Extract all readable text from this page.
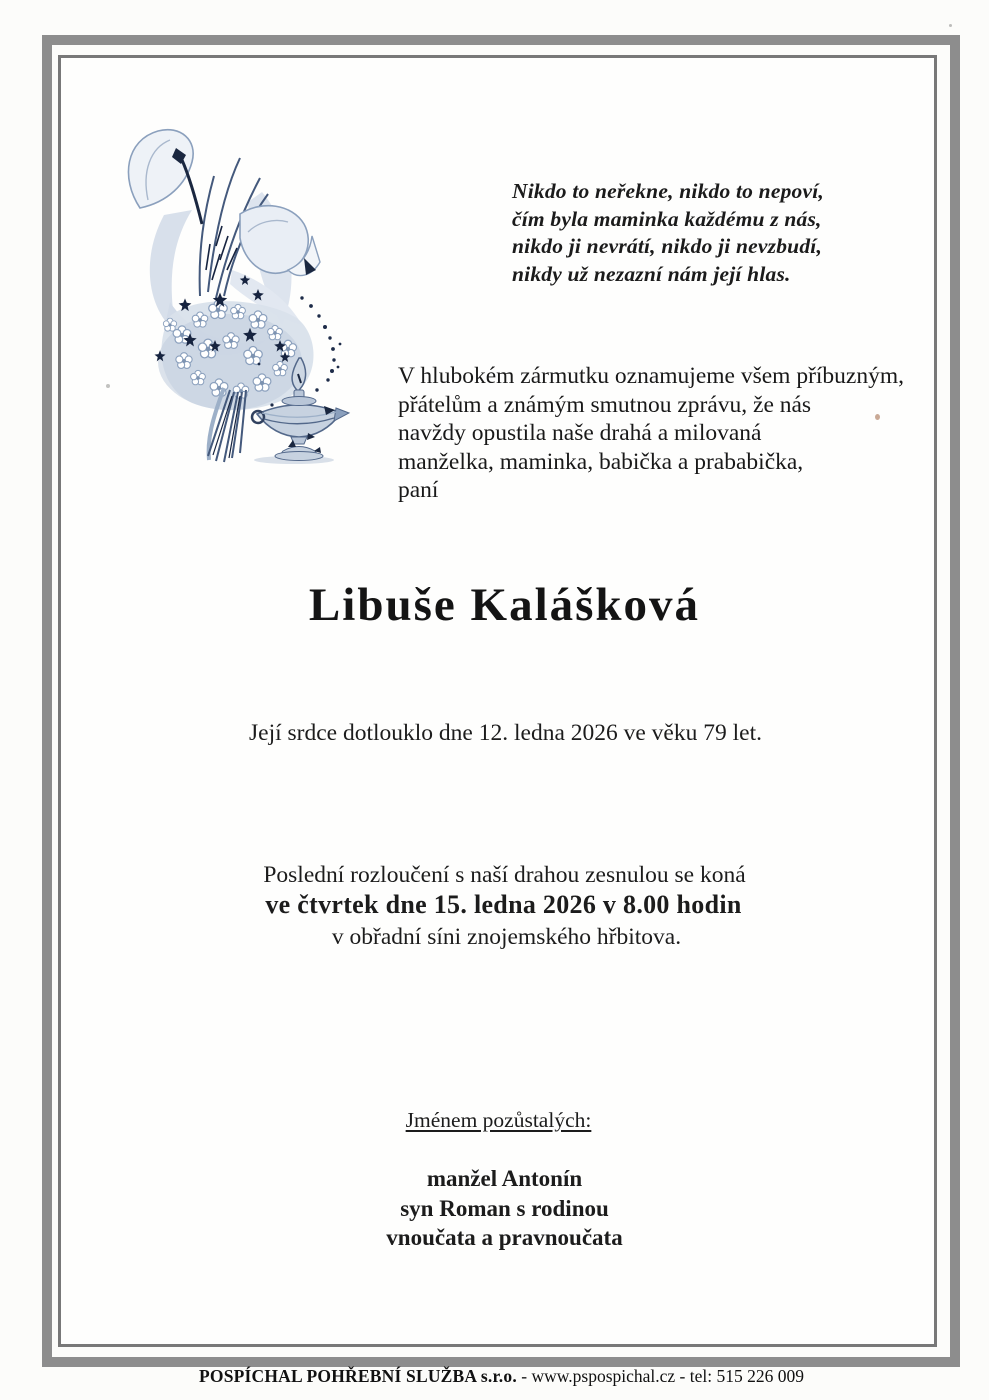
Nikdo to neřekne, nikdo to nepoví,
čím byla maminka každému z nás,
nikdo ji nevrátí, nikdo ji nevzbudí,
nikdy už nezazní nám její hlas.
V hlubokém zármutku oznamujeme všem příbuzným,
přátelům a známým smutnou zprávu, že nás
navždy opustila naše drahá a milovaná
manželka, maminka, babička a prababička,
paní
Libuše Kalášková
Její srdce dotlouklo dne 12. ledna 2026 ve věku 79 let.
Poslední rozloučení s naší drahou zesnulou se koná
ve čtvrtek dne 15. ledna 2026 v 8.00 hodin
v obřadní síni znojemského hřbitova.
Jménem pozůstalých:
manžel Antonín
syn Roman s rodinou
vnoučata a pravnoučata
POSPÍCHAL POHŘEBNÍ SLUŽBA s.r.o. - www.pspospichal.cz - tel: 515 226 009
